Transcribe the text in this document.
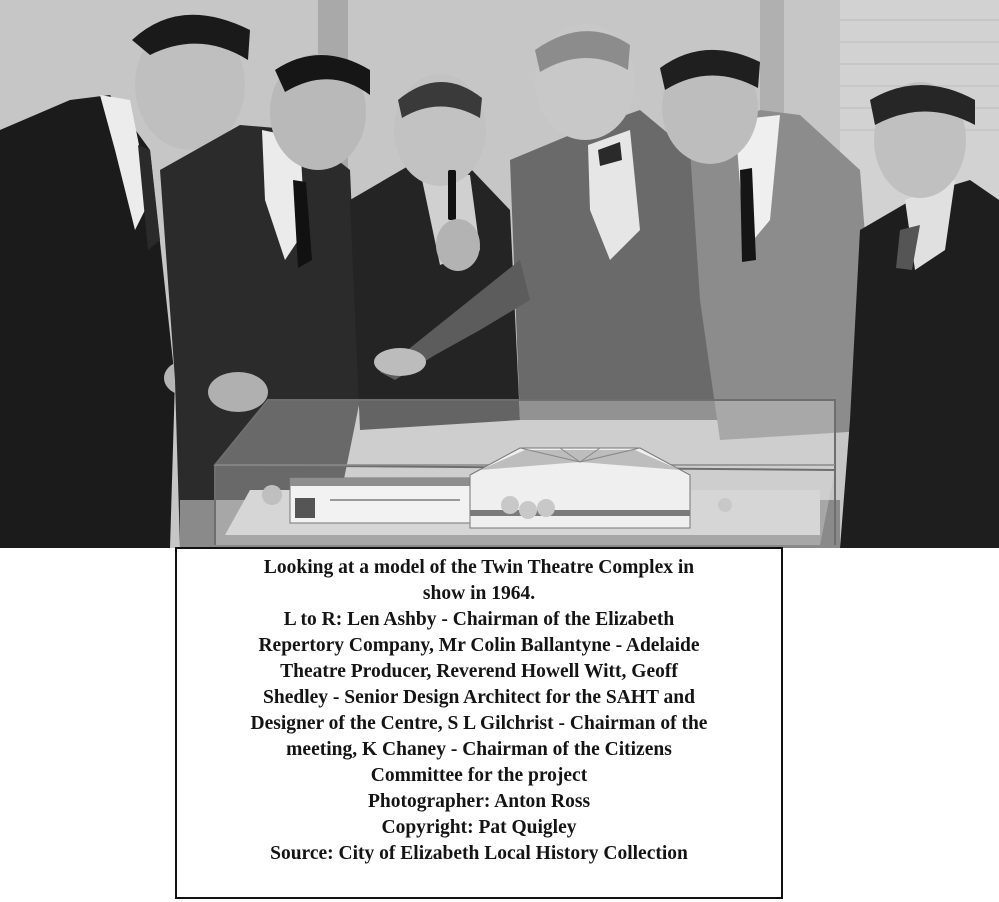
Looking at a model of the Twin Theatre Complex in
show in 1964.
L to R: Len Ashby - Chairman of the Elizabeth
Repertory Company, Mr Colin Ballantyne - Adelaide
Theatre Producer, Reverend Howell Witt, Geoff
Shedley - Senior Design Architect for the SAHT and
Designer of the Centre, S L Gilchrist - Chairman of the
meeting, K Chaney - Chairman of the Citizens
Committee for the project
Photographer: Anton Ross
Copyright: Pat Quigley
Source: City of Elizabeth Local History Collection
